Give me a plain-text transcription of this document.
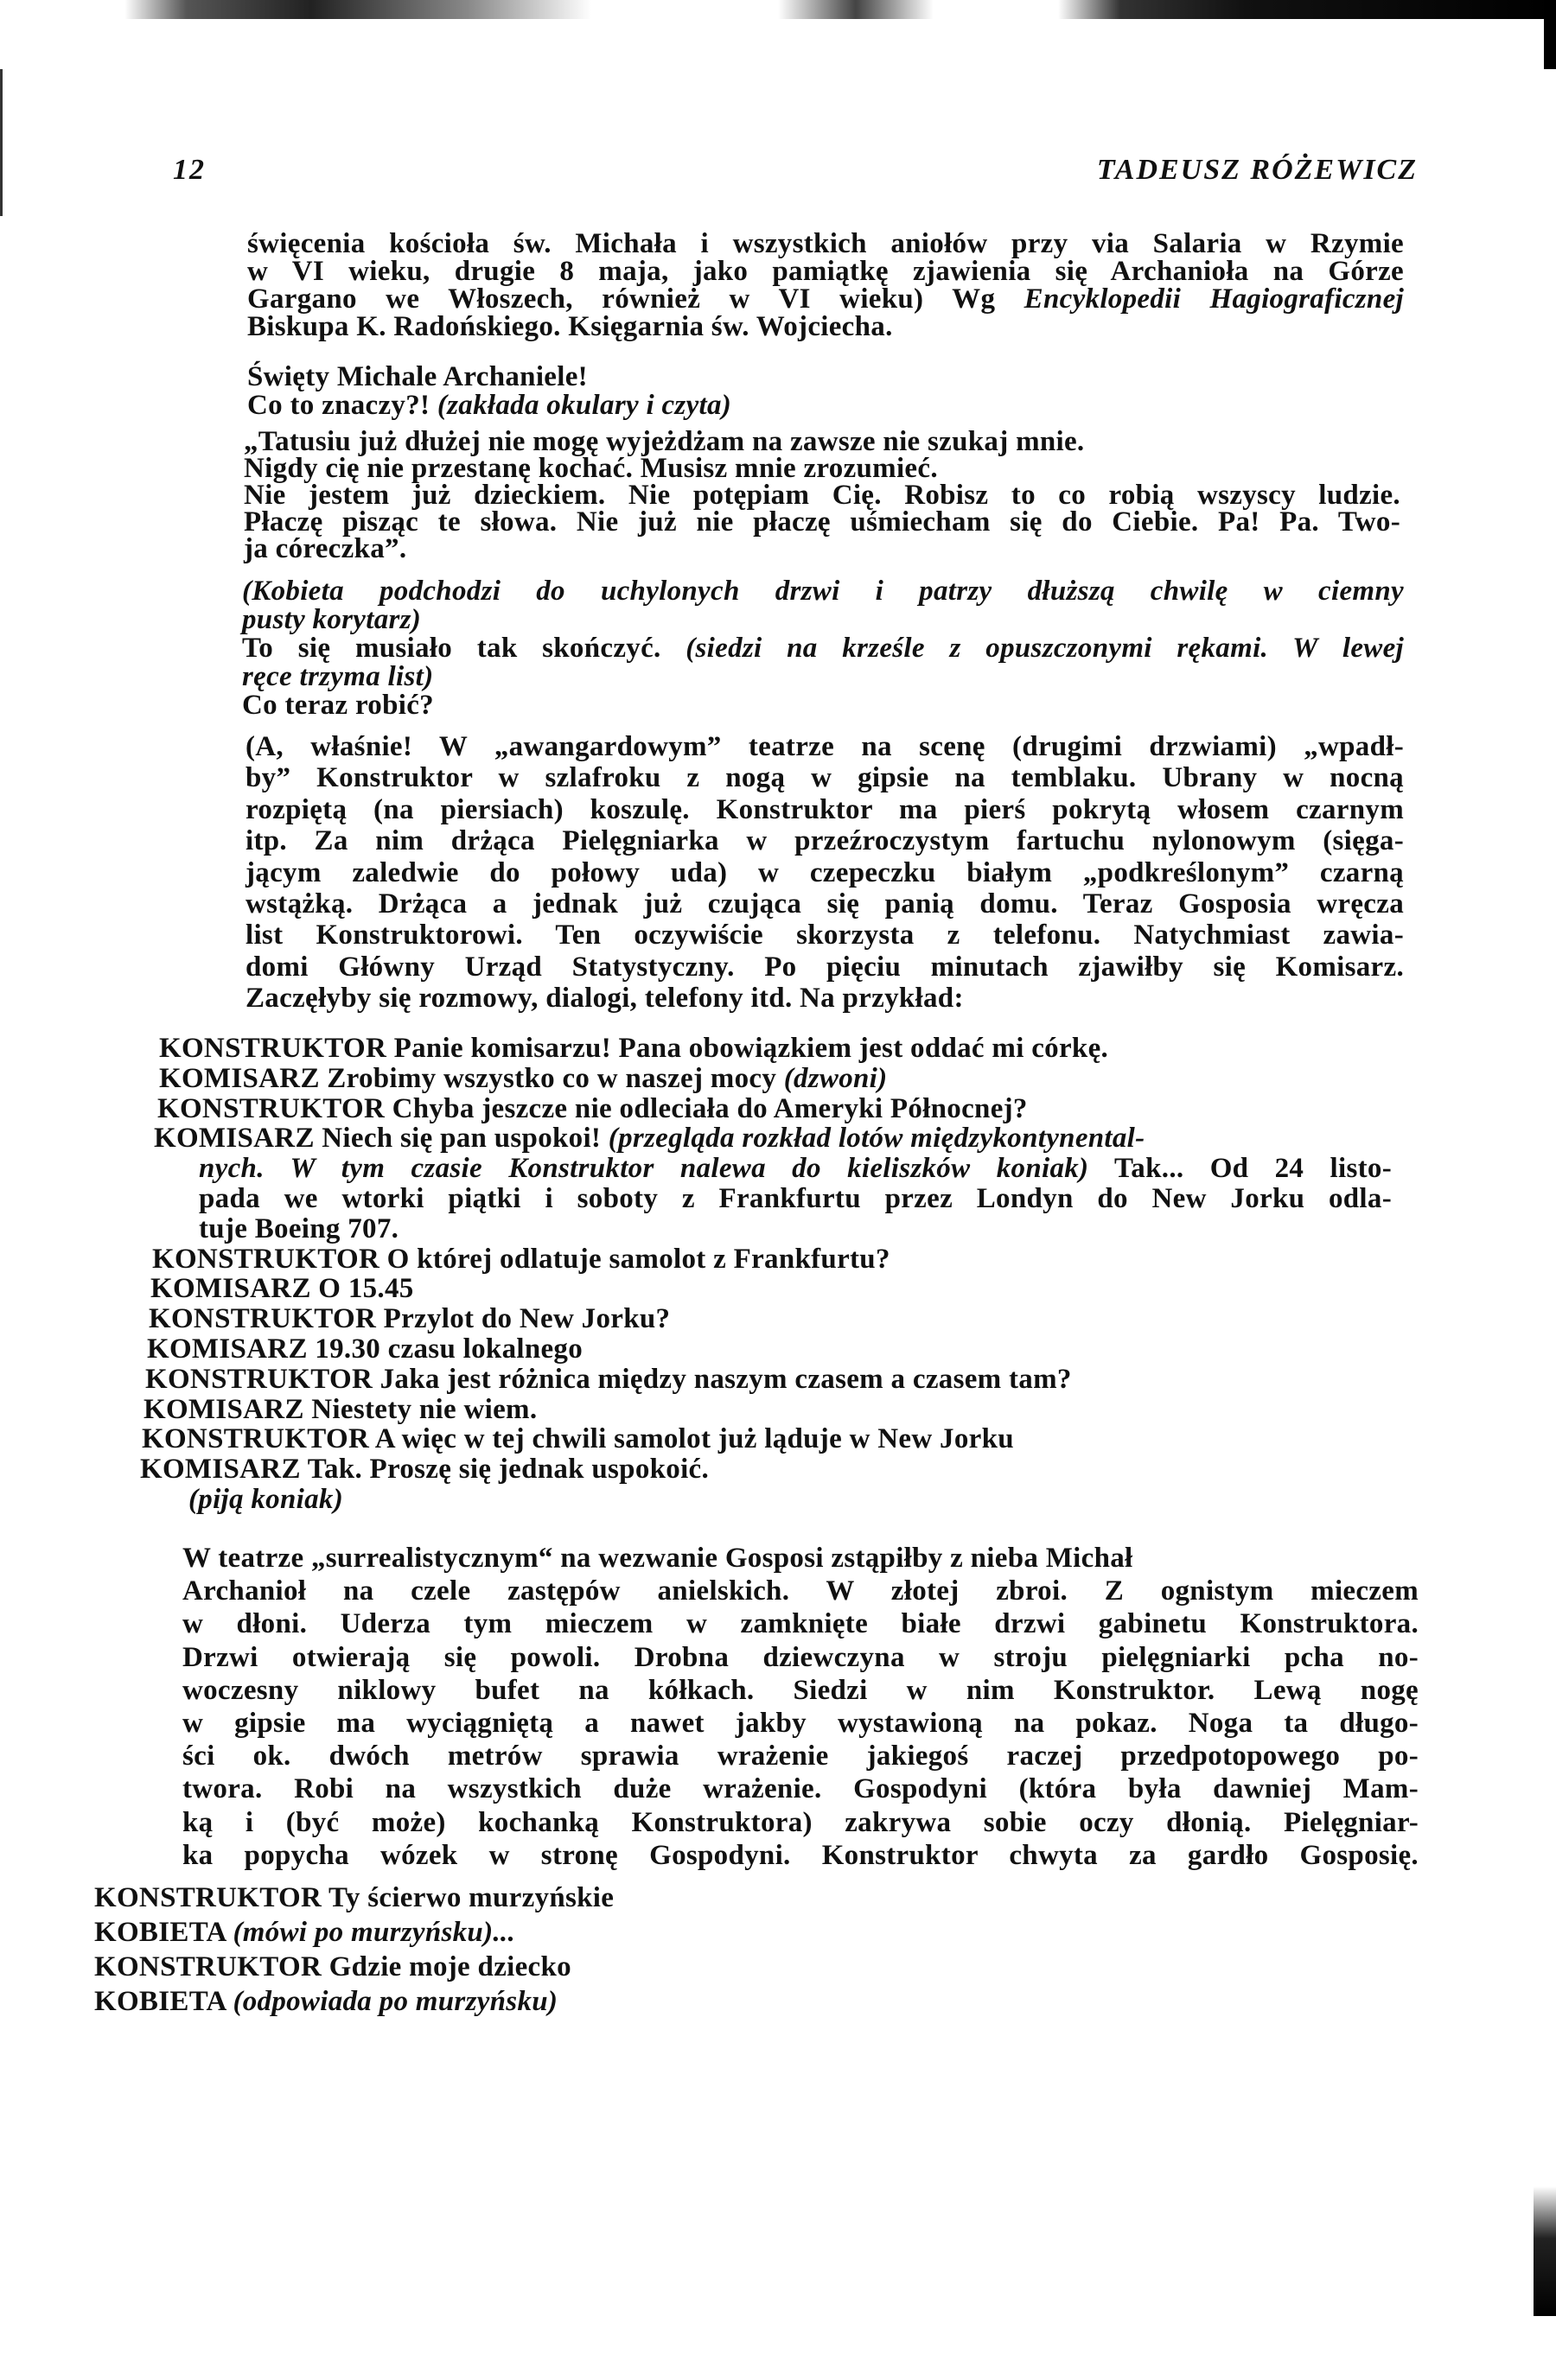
12	TADEUSZ RÓŻEWICZ
święcenia kościoła św. Michała i wszystkich aniołów przy via Salaria w Rzymie
w VI wieku, drugie 8 maja, jako pamiątkę zjawienia się Archanioła na Górze
Gargano we Włoszech, również w VI wieku) Wg Encyklopedii Hagiograficznej
Biskupa K. Radońskiego. Księgarnia św. Wojciecha.
Święty Michale Archaniele!
Co to znaczy?! (zakłada okulary i czyta)
„Tatusiu już dłużej nie mogę wyjeżdżam na zawsze nie szukaj mnie.
Nigdy cię nie przestanę kochać. Musisz mnie zrozumieć.
Nie jestem już dzieckiem. Nie potępiam Cię. Robisz to co robią wszyscy ludzie.
Płaczę pisząc te słowa. Nie już nie płaczę uśmiecham się do Ciebie. Pa! Pa. Two-
ja córeczka”.
(Kobieta podchodzi do uchylonych drzwi i patrzy dłuższą chwilę w ciemny
pusty korytarz)
To się musiało tak skończyć. (siedzi na krześle z opuszczonymi rękami. W lewej
ręce trzyma list)
Co teraz robić?
(A, właśnie! W „awangardowym” teatrze na scenę (drugimi drzwiami) „wpadł-
by” Konstruktor w szlafroku z nogą w gipsie na temblaku. Ubrany w nocną
rozpiętą (na piersiach) koszulę. Konstruktor ma pierś pokrytą włosem czarnym
itp. Za nim drżąca Pielęgniarka w przeźroczystym fartuchu nylonowym (sięga-
jącym zaledwie do połowy uda) w czepeczku białym „podkreślonym” czarną
wstążką. Drżąca a jednak już czująca się panią domu. Teraz Gosposia wręcza
list Konstruktorowi. Ten oczywiście skorzysta z telefonu. Natychmiast zawia-
domi Główny Urząd Statystyczny. Po pięciu minutach zjawiłby się Komisarz.
Zaczęłyby się rozmowy, dialogi, telefony itd. Na przykład:
KONSTRUKTOR Panie komisarzu! Pana obowiązkiem jest oddać mi córkę.
KOMISARZ Zrobimy wszystko co w naszej mocy (dzwoni)
KONSTRUKTOR Chyba jeszcze nie odleciała do Ameryki Północnej?
KOMISARZ Niech się pan uspokoi! (przegląda rozkład lotów międzykontynental-
nych. W tym czasie Konstruktor nalewa do kieliszków koniak) Tak... Od 24 listo-
pada we wtorki piątki i soboty z Frankfurtu przez Londyn do New Jorku odla-
tuje Boeing 707.
KONSTRUKTOR O której odlatuje samolot z Frankfurtu?
KOMISARZ O 15.45
KONSTRUKTOR Przylot do New Jorku?
KOMISARZ 19.30 czasu lokalnego
KONSTRUKTOR Jaka jest różnica między naszym czasem a czasem tam?
KOMISARZ Niestety nie wiem.
KONSTRUKTOR A więc w tej chwili samolot już ląduje w New Jorku
KOMISARZ Tak. Proszę się jednak uspokoić.
(piją koniak)
W teatrze „surrealistycznym“ na wezwanie Gosposi zstąpiłby z nieba Michał
Archanioł na czele zastępów anielskich. W złotej zbroi. Z ognistym mieczem
w dłoni. Uderza tym mieczem w zamknięte białe drzwi gabinetu Konstruktora.
Drzwi otwierają się powoli. Drobna dziewczyna w stroju pielęgniarki pcha no-
woczesny niklowy bufet na kółkach. Siedzi w nim Konstruktor. Lewą nogę
w gipsie ma wyciągniętą a nawet jakby wystawioną na pokaz. Noga ta długo-
ści ok. dwóch metrów sprawia wrażenie jakiegoś raczej przedpotopowego po-
twora. Robi na wszystkich duże wrażenie. Gospodyni (która była dawniej Mam-
ką i (być może) kochanką Konstruktora) zakrywa sobie oczy dłonią. Pielęgniar-
ka popycha wózek w stronę Gospodyni. Konstruktor chwyta za gardło Gosposię.
KONSTRUKTOR Ty ścierwo murzyńskie
KOBIETA (mówi po murzyńsku)...
KONSTRUKTOR Gdzie moje dziecko
KOBIETA (odpowiada po murzyńsku)
